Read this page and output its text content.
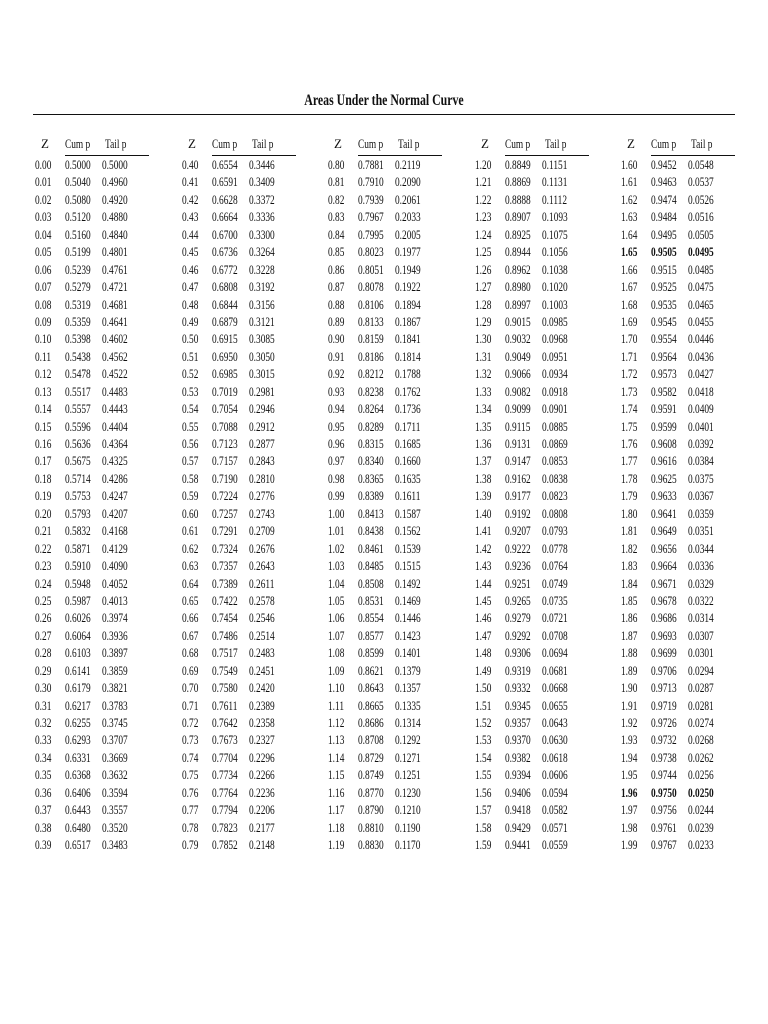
Areas Under the Normal Curve
Z	Cum p Tail p
0.00 0.5000 0.5000
0.01 0.5040 0.4960
0.02 0.5080 0.4920
0.03 0.5120 0.4880
0.04 0.5160 0.4840
0.05 0.5199 0.4801
0.06 0.5239 0.4761
0.07 0.5279 0.4721
0.08 0.5319 0.4681
0.09 0.5359 0.4641
0.10 0.5398 0.4602
0.11 0.5438 0.4562
0.12 0.5478 0.4522
0.13 0.5517 0.4483
0.14 0.5557 0.4443
0.15 0.5596 0.4404
0.16 0.5636 0.4364
0.17 0.5675 0.4325
0.18 0.5714 0.4286
0.19 0.5753 0.4247
0.20 0.5793 0.4207
0.21 0.5832 0.4168
0.22 0.5871 0.4129
0.23 0.5910 0.4090
0.24 0.5948 0.4052
0.25 0.5987 0.4013
0.26 0.6026 0.3974
0.27 0.6064 0.3936
0.28 0.6103 0.3897
0.29 0.6141 0.3859
0.30 0.6179 0.3821
0.31 0.6217 0.3783
0.32 0.6255 0.3745
0.33 0.6293 0.3707
0.34 0.6331 0.3669
0.35 0.6368 0.3632
0.36 0.6406 0.3594
0.37 0.6443 0.3557
0.38 0.6480 0.3520
0.39 0.6517 0.3483
Z	Cum p Tail p
0.40 0.6554 0.3446
0.41 0.6591 0.3409
0.42 0.6628 0.3372
0.43 0.6664 0.3336
0.44 0.6700 0.3300
0.45 0.6736 0.3264
0.46 0.6772 0.3228
0.47 0.6808 0.3192
0.48 0.6844 0.3156
0.49 0.6879 0.3121
0.50 0.6915 0.3085
0.51 0.6950 0.3050
0.52 0.6985 0.3015
0.53 0.7019 0.2981
0.54 0.7054 0.2946
0.55 0.7088 0.2912
0.56 0.7123 0.2877
0.57 0.7157 0.2843
0.58 0.7190 0.2810
0.59 0.7224 0.2776
0.60 0.7257 0.2743
0.61 0.7291 0.2709
0.62 0.7324 0.2676
0.63 0.7357 0.2643
0.64 0.7389 0.2611
0.65 0.7422 0.2578
0.66 0.7454 0.2546
0.67 0.7486 0.2514
0.68 0.7517 0.2483
0.69 0.7549 0.2451
0.70 0.7580 0.2420
0.71 0.7611 0.2389
0.72 0.7642 0.2358
0.73 0.7673 0.2327
0.74 0.7704 0.2296
0.75 0.7734 0.2266
0.76 0.7764 0.2236
0.77 0.7794 0.2206
0.78 0.7823 0.2177
0.79 0.7852 0.2148
Z	Cum p Tail p
0.80 0.7881 0.2119
0.81 0.7910 0.2090
0.82 0.7939 0.2061
0.83 0.7967 0.2033
0.84 0.7995 0.2005
0.85 0.8023 0.1977
0.86 0.8051 0.1949
0.87 0.8078 0.1922
0.88 0.8106 0.1894
0.89 0.8133 0.1867
0.90 0.8159 0.1841
0.91 0.8186 0.1814
0.92 0.8212 0.1788
0.93 0.8238 0.1762
0.94 0.8264 0.1736
0.95 0.8289 0.1711
0.96 0.8315 0.1685
0.97 0.8340 0.1660
0.98 0.8365 0.1635
0.99 0.8389 0.1611
1.00 0.8413 0.1587
1.01 0.8438 0.1562
1.02 0.8461 0.1539
1.03 0.8485 0.1515
1.04 0.8508 0.1492
1.05 0.8531 0.1469
1.06 0.8554 0.1446
1.07 0.8577 0.1423
1.08 0.8599 0.1401
1.09 0.8621 0.1379
1.10 0.8643 0.1357
1.11 0.8665 0.1335
1.12 0.8686 0.1314
1.13 0.8708 0.1292
1.14 0.8729 0.1271
1.15 0.8749 0.1251
1.16 0.8770 0.1230
1.17 0.8790 0.1210
1.18 0.8810 0.1190
1.19 0.8830 0.1170
Z	Cum p Tail p
1.20 0.8849 0.1151
1.21 0.8869 0.1131
1.22 0.8888 0.1112
1.23 0.8907 0.1093
1.24 0.8925 0.1075
1.25 0.8944 0.1056
1.26 0.8962 0.1038
1.27 0.8980 0.1020
1.28 0.8997 0.1003
1.29 0.9015 0.0985
1.30 0.9032 0.0968
1.31 0.9049 0.0951
1.32 0.9066 0.0934
1.33 0.9082 0.0918
1.34 0.9099 0.0901
1.35 0.9115 0.0885
1.36 0.9131 0.0869
1.37 0.9147 0.0853
1.38 0.9162 0.0838
1.39 0.9177 0.0823
1.40 0.9192 0.0808
1.41 0.9207 0.0793
1.42 0.9222 0.0778
1.43 0.9236 0.0764
1.44 0.9251 0.0749
1.45 0.9265 0.0735
1.46 0.9279 0.0721
1.47 0.9292 0.0708
1.48 0.9306 0.0694
1.49 0.9319 0.0681
1.50 0.9332 0.0668
1.51 0.9345 0.0655
1.52 0.9357 0.0643
1.53 0.9370 0.0630
1.54 0.9382 0.0618
1.55 0.9394 0.0606
1.56 0.9406 0.0594
1.57 0.9418 0.0582
1.58 0.9429 0.0571
1.59 0.9441 0.0559
Z	Cum p Tail p
1.60 0.9452 0.0548
1.61 0.9463 0.0537
1.62 0.9474 0.0526
1.63 0.9484 0.0516
1.64 0.9495 0.0505
1.65 0.9505 0.0495
1.66 0.9515 0.0485
1.67 0.9525 0.0475
1.68 0.9535 0.0465
1.69 0.9545 0.0455
1.70 0.9554 0.0446
1.71 0.9564 0.0436
1.72 0.9573 0.0427
1.73 0.9582 0.0418
1.74 0.9591 0.0409
1.75 0.9599 0.0401
1.76 0.9608 0.0392
1.77 0.9616 0.0384
1.78 0.9625 0.0375
1.79 0.9633 0.0367
1.80 0.9641 0.0359
1.81 0.9649 0.0351
1.82 0.9656 0.0344
1.83 0.9664 0.0336
1.84 0.9671 0.0329
1.85 0.9678 0.0322
1.86 0.9686 0.0314
1.87 0.9693 0.0307
1.88 0.9699 0.0301
1.89 0.9706 0.0294
1.90 0.9713 0.0287
1.91 0.9719 0.0281
1.92 0.9726 0.0274
1.93 0.9732 0.0268
1.94 0.9738 0.0262
1.95 0.9744 0.0256
1.96 0.9750 0.0250
1.97 0.9756 0.0244
1.98 0.9761 0.0239
1.99 0.9767 0.0233
